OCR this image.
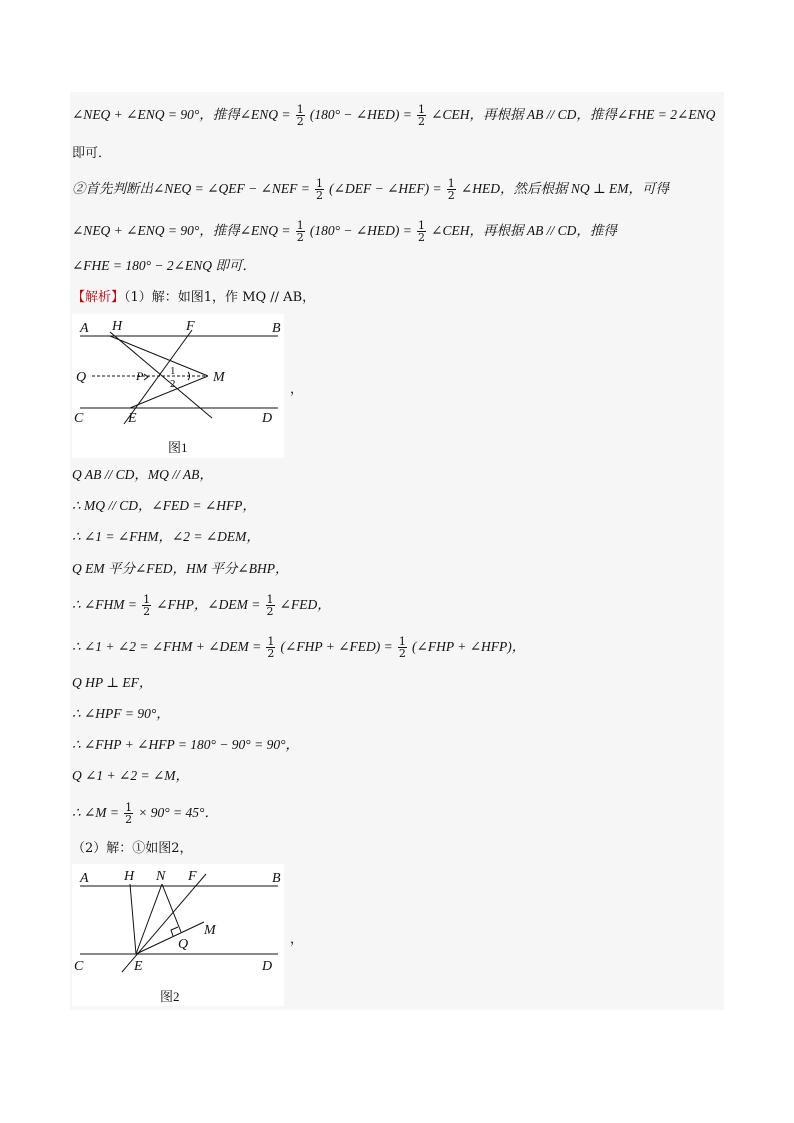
∠NEQ + ∠ENQ = 90°，推得∠ENQ = $\frac{1}{2} (180^\circ$ − ∠HED) = $\frac{1}{2}$ ∠CEH，再根据 AB // CD，推得∠FHE = 2∠ENQ
即可．
②首先判断出∠NEQ = ∠QEF − ∠NEF = $\frac{1}{2}$ (∠DEF − ∠HEF) = $\frac{1}{2}$ ∠HED，然后根据 NQ ⊥ EM，可得
∠NEQ + ∠ENQ = 90°，推得∠ENQ = $\frac{1}{2} (180^\circ$ − ∠HED) = $\frac{1}{2}$ ∠CEH，再根据 AB // CD，推得
∠FHE = 180° − 2∠ENQ 即可．
【解析】（1）解：如图1，作 MQ // AB，
A H	F	B
Q	P 1
2	M
C	E	D
图1
，
Q AB // CD，MQ // AB，
∴ MQ // CD，∠FED = ∠HFP，
∴ ∠1 = ∠FHM，∠2 = ∠DEM，
Q EM 平分∠FED，HM 平分∠BHP，
∴ ∠FHM = $\frac{1}{2}$ ∠FHP，∠DEM = $\frac{1}{2}$ ∠FED，
∴ ∠1 + ∠2 = ∠FHM + ∠DEM = $\frac{1}{2}$ (∠FHP + ∠FED) = $\frac{1}{2}$ (∠FHP + ∠HFP)，
Q HP ⊥ EF，
∴ ∠HPF = 90°，
∴ ∠FHP + ∠HFP = 180° − 90° = 90°，
Q ∠1 + ∠2 = ∠M，
∴ ∠M = $\frac{1}{2} \times 90^\circ = 45^\circ$．
（2）解：①如图2，
A	H N F	B
Q
M
C	E	D
图2
，
